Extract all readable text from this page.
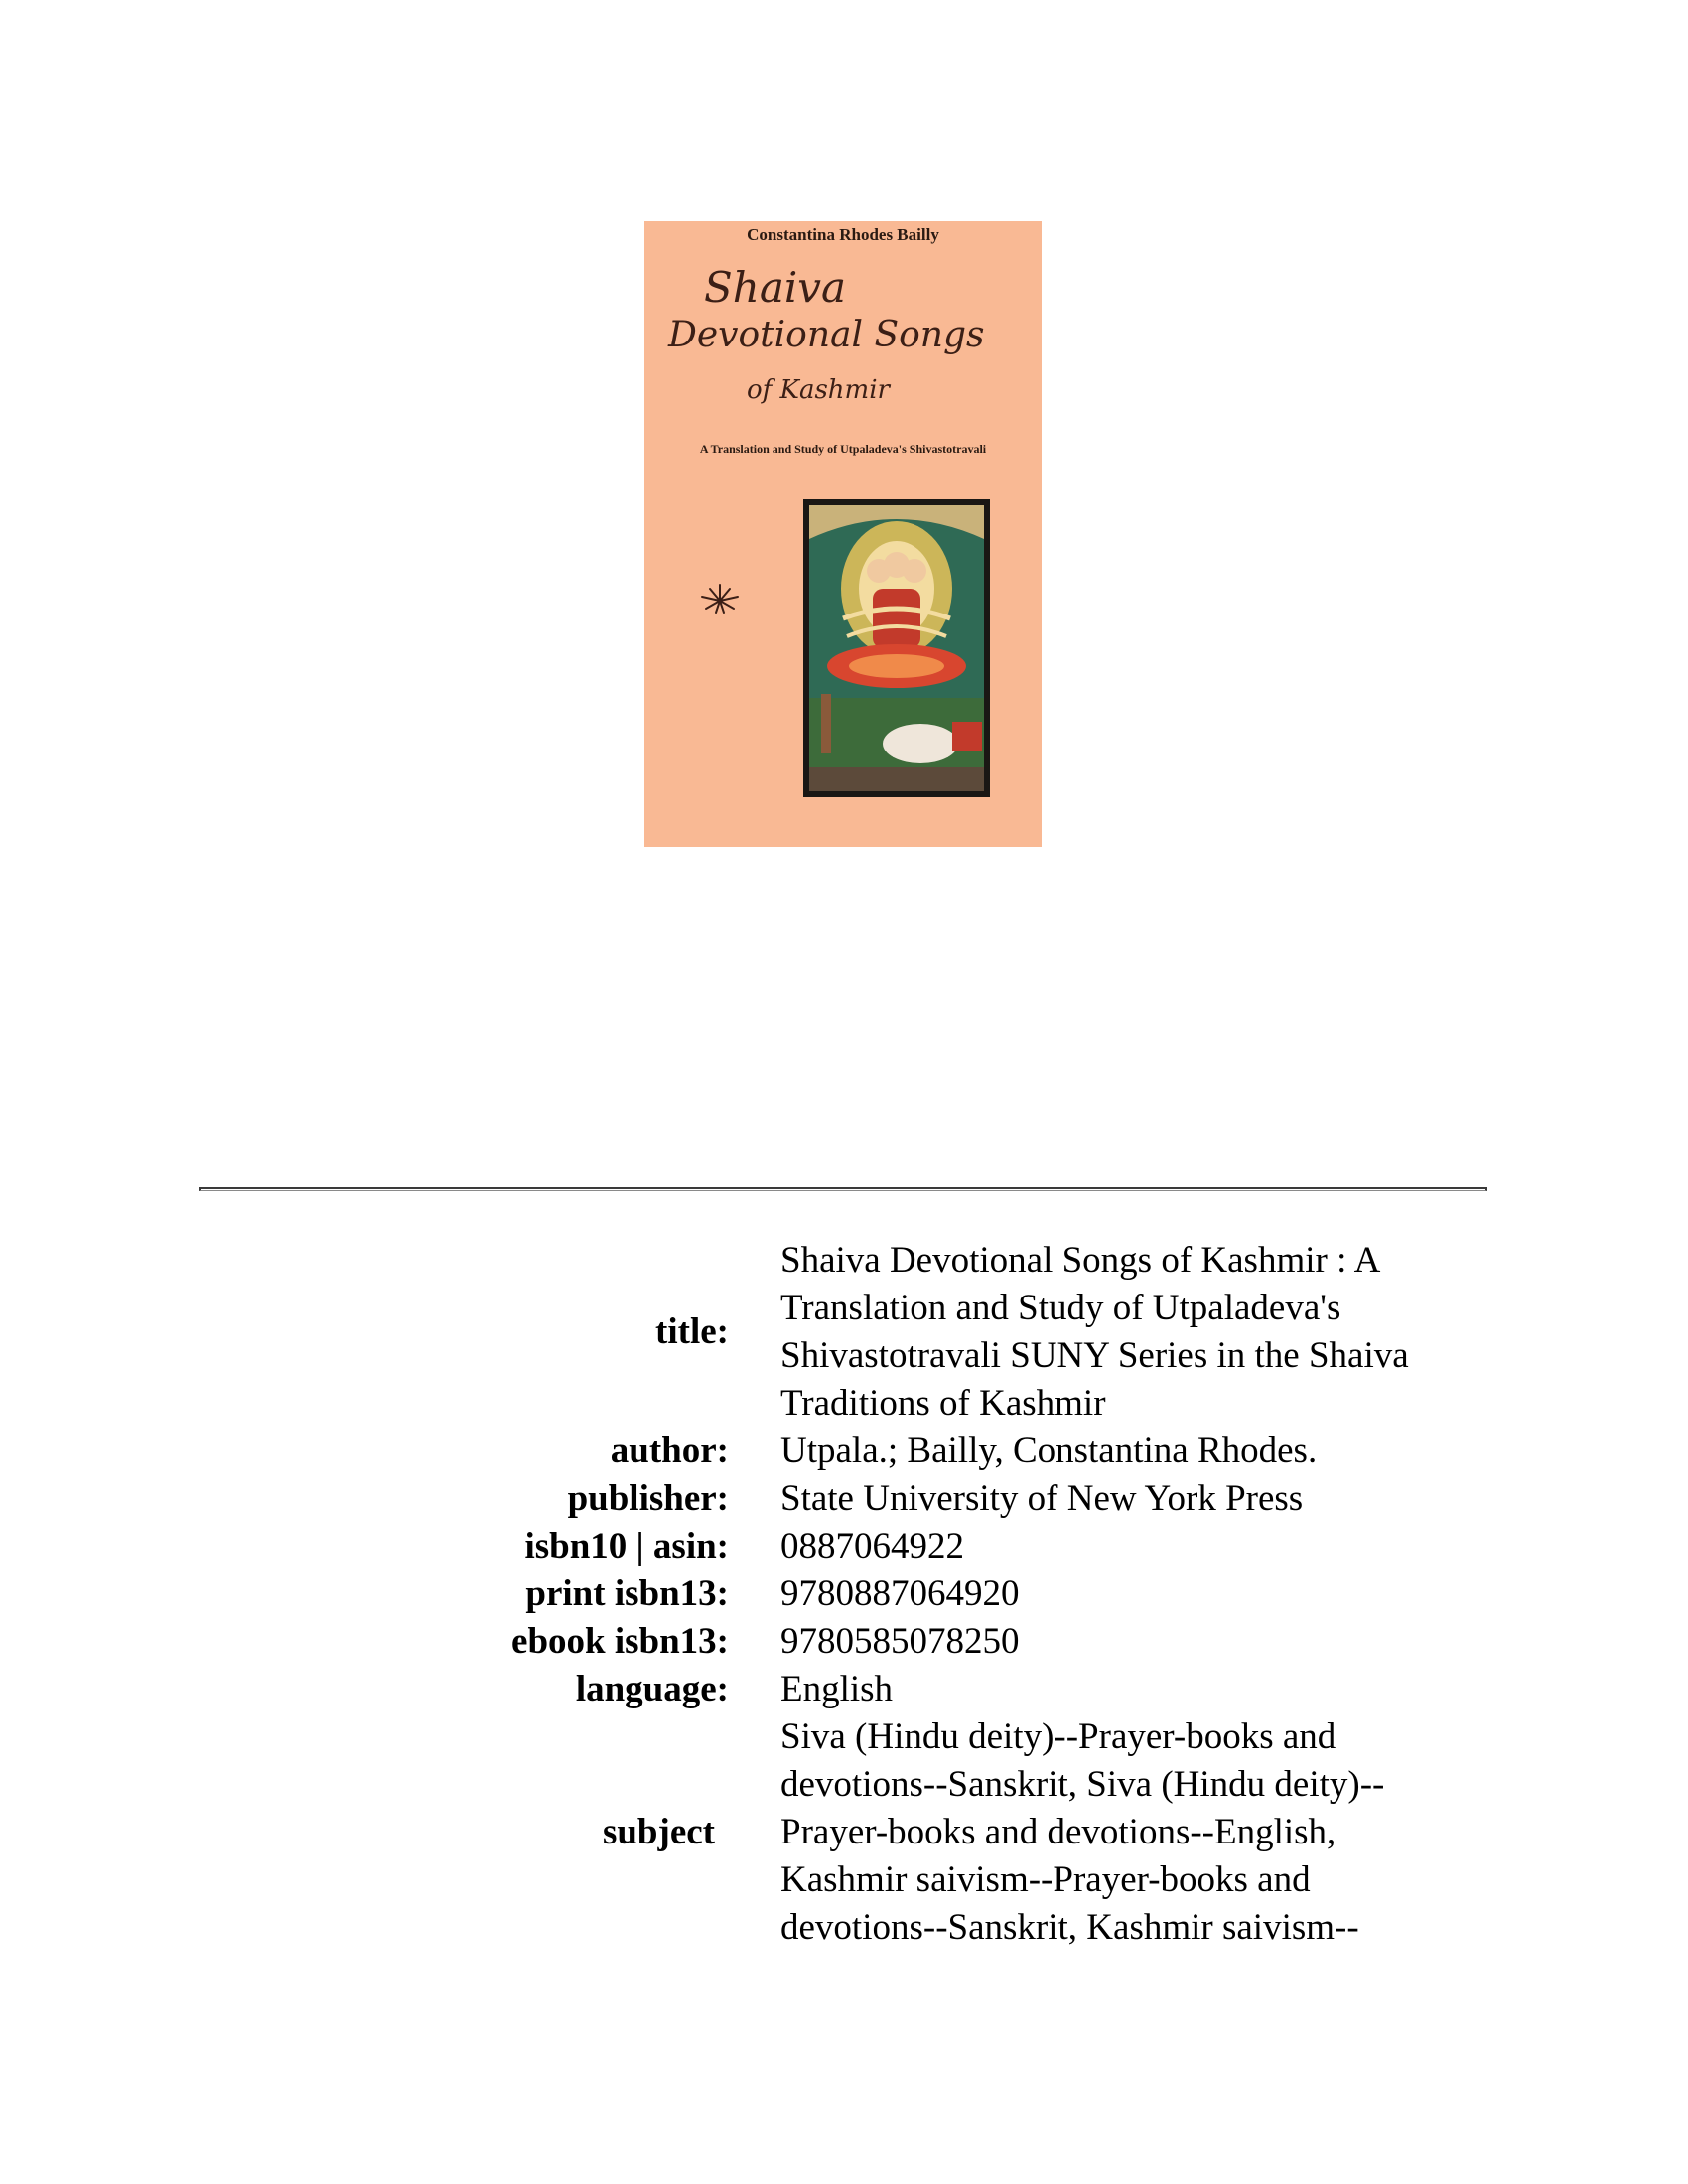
Constantina Rhodes Bailly
Shaiva
Devotional Songs
of Kashmir
A Translation and Study of Utpaladeva's Shivastotravali
title:
Shaiva Devotional Songs of Kashmir : A Translation and Study of Utpaladeva's Shivastotravali SUNY Series in the Shaiva Traditions of Kashmir
author: Utpala.; Bailly, Constantina Rhodes.
publisher: State University of New York Press
isbn10 | asin: 0887064922
print isbn13: 9780887064920
ebook isbn13: 9780585078250
language: English
subject
Siva (Hindu deity)--Prayer-books and devotions--Sanskrit, Siva (Hindu deity)--Prayer-books and devotions--English, Kashmir saivism--Prayer-books and devotions--Sanskrit, Kashmir saivism--
